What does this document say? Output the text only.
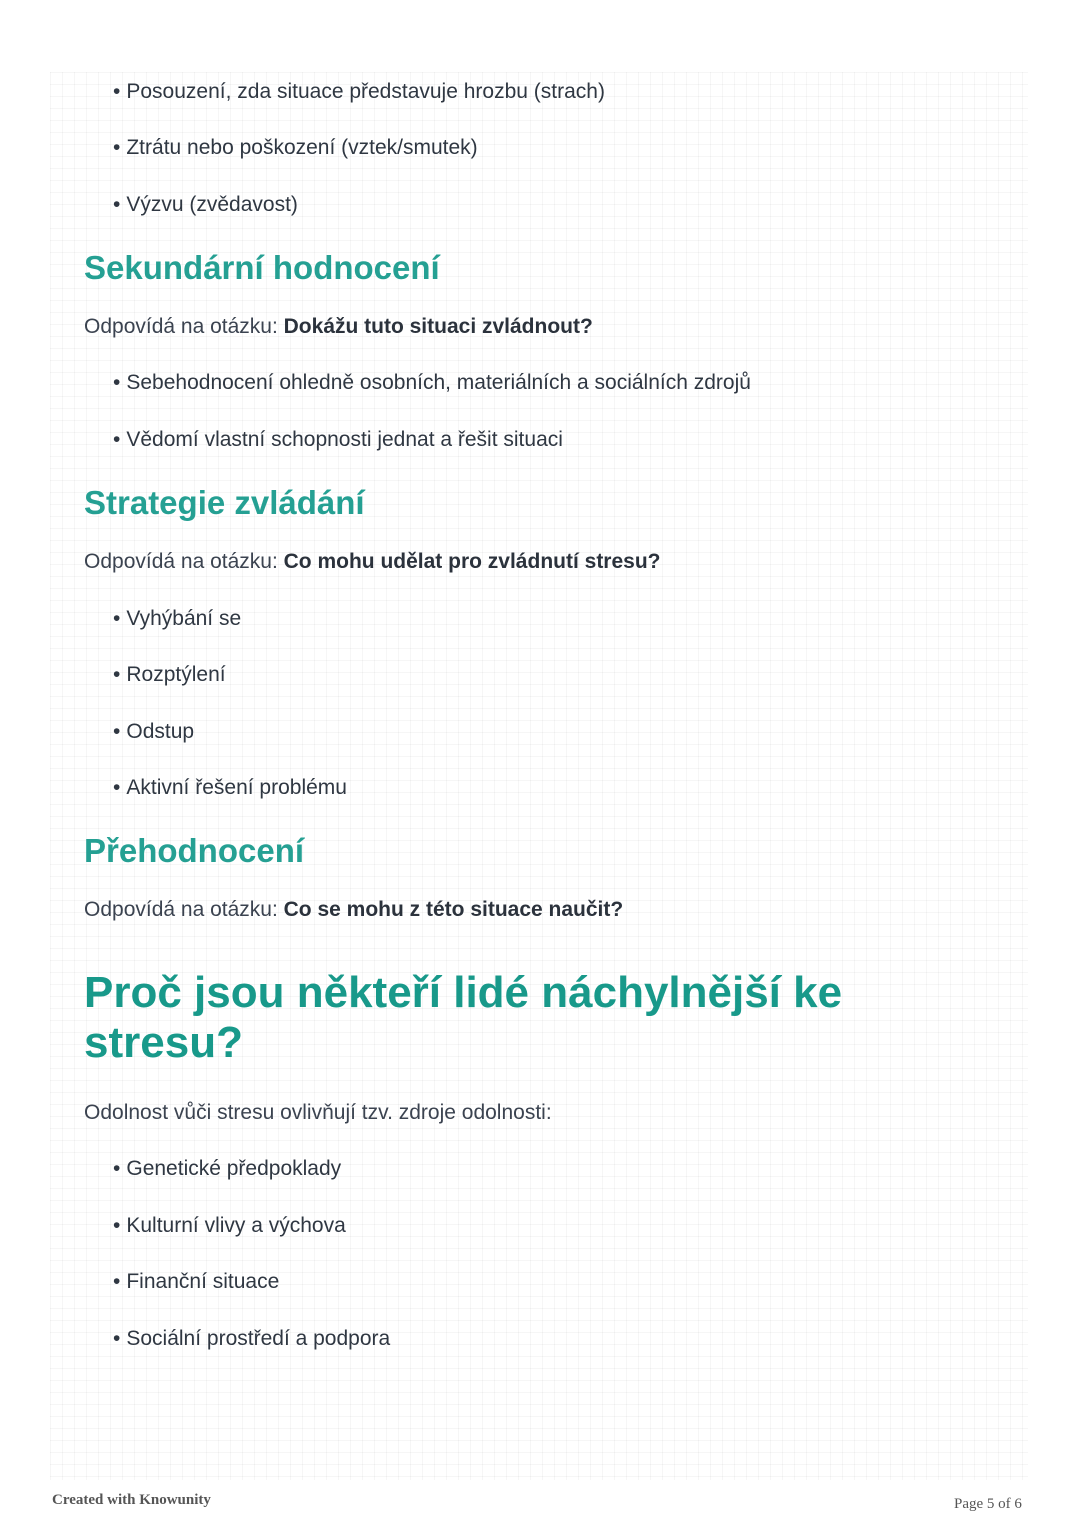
• Posouzení, zda situace představuje hrozbu (strach)
• Ztrátu nebo poškození (vztek/smutek)
• Výzvu (zvědavost)
Sekundární hodnocení
Odpovídá na otázku: Dokážu tuto situaci zvládnout?
• Sebehodnocení ohledně osobních, materiálních a sociálních zdrojů
• Vědomí vlastní schopnosti jednat a řešit situaci
Strategie zvládání
Odpovídá na otázku: Co mohu udělat pro zvládnutí stresu?
• Vyhýbání se
• Rozptýlení
• Odstup
• Aktivní řešení problému
Přehodnocení
Odpovídá na otázku: Co se mohu z této situace naučit?
Proč jsou někteří lidé náchylnější ke stresu?
Odolnost vůči stresu ovlivňují tzv. zdroje odolnosti:
• Genetické předpoklady
• Kulturní vlivy a výchova
• Finanční situace
• Sociální prostředí a podpora
Created with Knowunity	Page 5 of 6
